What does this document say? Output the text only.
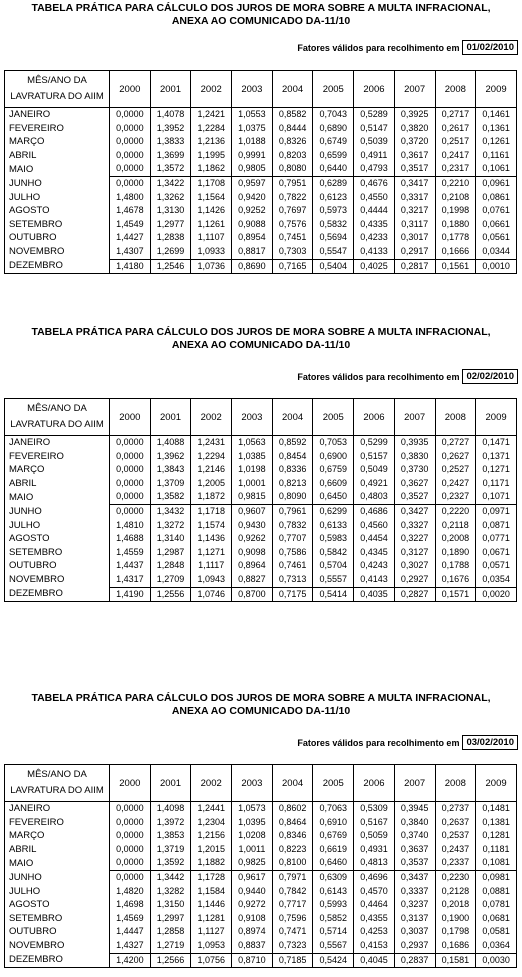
TABELA PRÁTICA PARA CÁLCULO DOS JUROS DE MORA SOBRE A MULTA INFRACIONAL,
ANEXA AO COMUNICADO DA-11/10
Fatores válidos para recolhimento em 01/02/2010
MÊS/ANO DA
LAVRATURA DO AIIM	2000	2001	2002	2003	2004	2005	2006	2007	2008	2009
JANEIRO	0,0000	1,4078	1,2421	1,0553	0,8582	0,7043	0,5289	0,3925	0,2717	0,1461
FEVEREIRO	0,0000	1,3952	1,2284	1,0375	0,8444	0,6890	0,5147	0,3820	0,2617	0,1361
MARÇO	0,0000	1,3833	1,2136	1,0188	0,8326	0,6749	0,5039	0,3720	0,2517	0,1261
ABRIL	0,0000	1,3699	1,1995	0,9991	0,8203	0,6599	0,4911	0,3617	0,2417	0,1161
MAIO	0,0000	1,3572	1,1862	0,9805	0,8080	0,6440	0,4793	0,3517	0,2317	0,1061
JUNHO	0,0000	1,3422	1,1708	0,9597	0,7951	0,6289	0,4676	0,3417	0,2210	0,0961
JULHO	1,4800	1,3262	1,1564	0,9420	0,7822	0,6123	0,4550	0,3317	0,2108	0,0861
AGOSTO	1,4678	1,3130	1,1426	0,9252	0,7697	0,5973	0,4444	0,3217	0,1998	0,0761
SETEMBRO	1,4549	1,2977	1,1261	0,9088	0,7576	0,5832	0,4335	0,3117	0,1880	0,0661
OUTUBRO	1,4427	1,2838	1,1107	0,8954	0,7451	0,5694	0,4233	0,3017	0,1778	0,0561
NOVEMBRO	1,4307	1,2699	1,0933	0,8817	0,7303	0,5547	0,4133	0,2917	0,1666	0,0344
DEZEMBRO	1,4180	1,2546	1,0736	0,8690	0,7165	0,5404	0,4025	0,2817	0,1561	0,0010
TABELA PRÁTICA PARA CÁLCULO DOS JUROS DE MORA SOBRE A MULTA INFRACIONAL,
ANEXA AO COMUNICADO DA-11/10
Fatores válidos para recolhimento em 02/02/2010
MÊS/ANO DA
LAVRATURA DO AIIM	2000	2001	2002	2003	2004	2005	2006	2007	2008	2009
JANEIRO	0,0000	1,4088	1,2431	1,0563	0,8592	0,7053	0,5299	0,3935	0,2727	0,1471
FEVEREIRO	0,0000	1,3962	1,2294	1,0385	0,8454	0,6900	0,5157	0,3830	0,2627	0,1371
MARÇO	0,0000	1,3843	1,2146	1,0198	0,8336	0,6759	0,5049	0,3730	0,2527	0,1271
ABRIL	0,0000	1,3709	1,2005	1,0001	0,8213	0,6609	0,4921	0,3627	0,2427	0,1171
MAIO	0,0000	1,3582	1,1872	0,9815	0,8090	0,6450	0,4803	0,3527	0,2327	0,1071
JUNHO	0,0000	1,3432	1,1718	0,9607	0,7961	0,6299	0,4686	0,3427	0,2220	0,0971
JULHO	1,4810	1,3272	1,1574	0,9430	0,7832	0,6133	0,4560	0,3327	0,2118	0,0871
AGOSTO	1,4688	1,3140	1,1436	0,9262	0,7707	0,5983	0,4454	0,3227	0,2008	0,0771
SETEMBRO	1,4559	1,2987	1,1271	0,9098	0,7586	0,5842	0,4345	0,3127	0,1890	0,0671
OUTUBRO	1,4437	1,2848	1,1117	0,8964	0,7461	0,5704	0,4243	0,3027	0,1788	0,0571
NOVEMBRO	1,4317	1,2709	1,0943	0,8827	0,7313	0,5557	0,4143	0,2927	0,1676	0,0354
DEZEMBRO	1,4190	1,2556	1,0746	0,8700	0,7175	0,5414	0,4035	0,2827	0,1571	0,0020
TABELA PRÁTICA PARA CÁLCULO DOS JUROS DE MORA SOBRE A MULTA INFRACIONAL,
ANEXA AO COMUNICADO DA-11/10
Fatores válidos para recolhimento em 03/02/2010
MÊS/ANO DA
LAVRATURA DO AIIM	2000	2001	2002	2003	2004	2005	2006	2007	2008	2009
JANEIRO	0,0000	1,4098	1,2441	1,0573	0,8602	0,7063	0,5309	0,3945	0,2737	0,1481
FEVEREIRO	0,0000	1,3972	1,2304	1,0395	0,8464	0,6910	0,5167	0,3840	0,2637	0,1381
MARÇO	0,0000	1,3853	1,2156	1,0208	0,8346	0,6769	0,5059	0,3740	0,2537	0,1281
ABRIL	0,0000	1,3719	1,2015	1,0011	0,8223	0,6619	0,4931	0,3637	0,2437	0,1181
MAIO	0,0000	1,3592	1,1882	0,9825	0,8100	0,6460	0,4813	0,3537	0,2337	0,1081
JUNHO	0,0000	1,3442	1,1728	0,9617	0,7971	0,6309	0,4696	0,3437	0,2230	0,0981
JULHO	1,4820	1,3282	1,1584	0,9440	0,7842	0,6143	0,4570	0,3337	0,2128	0,0881
AGOSTO	1,4698	1,3150	1,1446	0,9272	0,7717	0,5993	0,4464	0,3237	0,2018	0,0781
SETEMBRO	1,4569	1,2997	1,1281	0,9108	0,7596	0,5852	0,4355	0,3137	0,1900	0,0681
OUTUBRO	1,4447	1,2858	1,1127	0,8974	0,7471	0,5714	0,4253	0,3037	0,1798	0,0581
NOVEMBRO	1,4327	1,2719	1,0953	0,8837	0,7323	0,5567	0,4153	0,2937	0,1686	0,0364
DEZEMBRO	1,4200	1,2566	1,0756	0,8710	0,7185	0,5424	0,4045	0,2837	0,1581	0,0030
